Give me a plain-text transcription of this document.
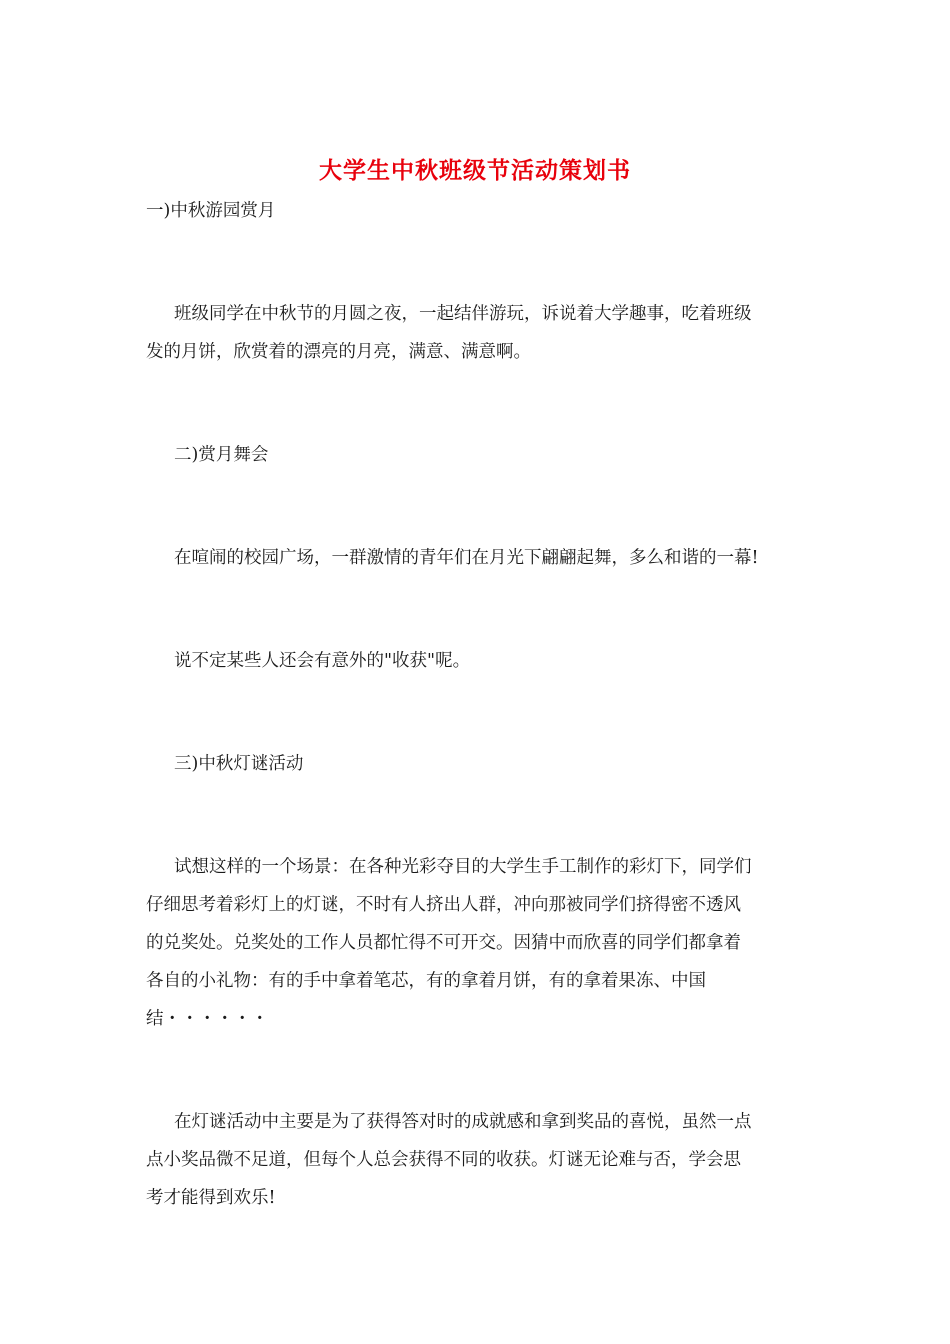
大学生中秋班级节活动策划书
一)中秋游园赏月
班级同学在中秋节的月圆之夜，一起结伴游玩，诉说着大学趣事，吃着班级
发的月饼，欣赏着的漂亮的月亮，满意、满意啊。
二)赏月舞会
在喧闹的校园广场，一群激情的青年们在月光下翩翩起舞，多么和谐的一幕!
说不定某些人还会有意外的"收获"呢。
三)中秋灯谜活动
试想这样的一个场景：在各种光彩夺目的大学生手工制作的彩灯下，同学们
仔细思考着彩灯上的灯谜，不时有人挤出人群，冲向那被同学们挤得密不透风
的兑奖处。兑奖处的工作人员都忙得不可开交。因猜中而欣喜的同学们都拿着
各自的小礼物：有的手中拿着笔芯，有的拿着月饼，有的拿着果冻、中国
结・・・・・・
在灯谜活动中主要是为了获得答对时的成就感和拿到奖品的喜悦，虽然一点
点小奖品微不足道，但每个人总会获得不同的收获。灯谜无论难与否，学会思
考才能得到欢乐!
